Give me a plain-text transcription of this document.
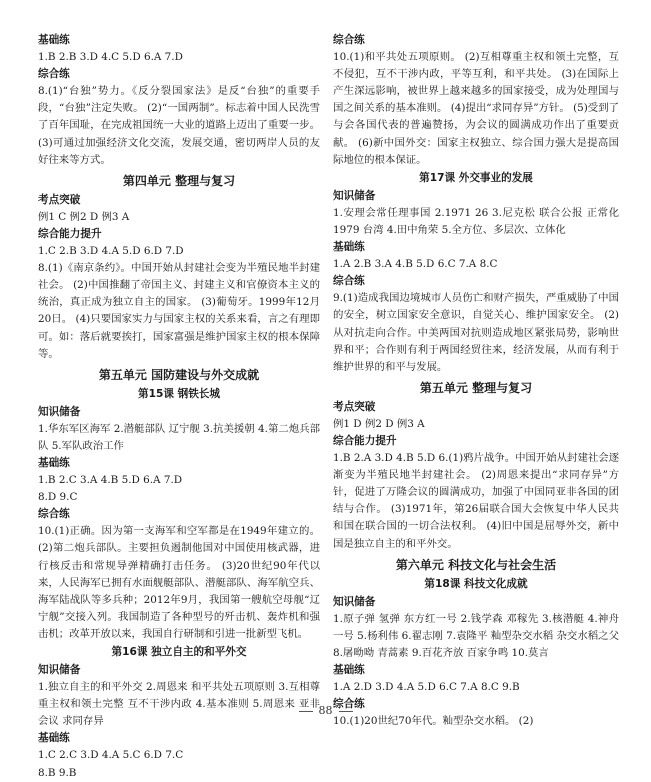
基础练

1.B 2.B 3.D 4.C 5.D 6.A 7.D

综合练

8.(1)“台独”势力。《反分裂国家法》是反“台独”的重要手段，“台独”注定失败。 (2)“一国两制”。标志着中国人民洗雪了百年国耻，在完成祖国统一大业的道路上迈出了重要一步。 (3)可通过加强经济文化交流，发展交通，密切两岸人员的友好往来等方式。

第四单元 整理与复习

考点突破

例1 C 例2 D 例3 A

综合能力提升

1.C 2.B 3.D 4.A 5.D 6.D 7.D

8.(1)《南京条约》。中国开始从封建社会变为半殖民地半封建社会。 (2)中国推翻了帝国主义、封建主义和官僚资本主义的统治，真正成为独立自主的国家。 (3)葡萄牙。1999年12月20日。 (4)只要国家实力与国家主权的关系来看，言之有理即可。如：落后就要挨打，国家富强是维护国家主权的根本保障等。

第五单元 国防建设与外交成就
第15课 钢铁长城

知识储备

1.华东军区海军 2.潜艇部队 辽宁舰 3.抗美援朝 4.第二炮兵部队 5.军队政治工作

基础练

1.B 2.C 3.A 4.B 5.D 6.A 7.D

8.D 9.C

综合练

10.(1)正确。因为第一支海军和空军都是在1949年建立的。 (2)第二炮兵部队。主要担负遏制他国对中国使用核武器，进行核反击和常规导弹精确打击任务。 (3)20世纪90年代以来，人民海军已拥有水面舰艇部队、潜艇部队、海军航空兵、海军陆战队等多兵种；2012年9月，我国第一艘航空母舰“辽宁舰”交接入列。我国制造了各种型号的歼击机、轰炸机和强击机；改革开放以来，我国自行研制和引进一批新型飞机。

第16课 独立自主的和平外交

知识储备

1.独立自主的和平外交 2.周恩来 和平共处五项原则 3.互相尊重主权和领土完整 互不干涉内政 4.基本准则 5.周恩来 亚非会议 求同存异

基础练

1.C 2.C 3.D 4.A 5.C 6.D 7.C

8.B 9.B

综合练

10.(1)和平共处五项原则。 (2)互相尊重主权和领土完整，互不侵犯，互不干涉内政，平等互利，和平共处。 (3)在国际上产生深远影响，被世界上越来越多的国家接受，成为处理国与国之间关系的基本准则。 (4)提出“求同存异”方针。 (5)受到了与会各国代表的普遍赞扬，为会议的圆满成功作出了重要贡献。 (6)新中国外交：国家主权独立、综合国力强大是提高国际地位的根本保证。

第17课 外交事业的发展

知识储备

1.安理会常任理事国 2.1971 26 3.尼克松 联合公报 正常化 1979 台湾 4.田中角荣 5.全方位、多层次、立体化

基础练

1.A 2.B 3.A 4.B 5.D 6.C 7.A 8.C

综合练

9.(1)造成我国边境城市人员伤亡和财产损失，严重威胁了中国的安全，树立国家安全意识，自觉关心、维护国家安全。 (2)从对抗走向合作。中美两国对抗则造成地区紧张局势，影响世界和平；合作则有利于两国经贸往来，经济发展，从而有利于维护世界的和平与发展。

第五单元 整理与复习

考点突破

例1 D 例2 D 例3 A

综合能力提升

1.B 2.A 3.D 4.B 5.D 6.(1)鸦片战争。中国开始从封建社会逐渐变为半殖民地半封建社会。 (2)周恩来提出“求同存异”方针，促进了万隆会议的圆满成功，加强了中国同亚非各国的团结与合作。 (3)1971年，第26届联合国大会恢复中华人民共和国在联合国的一切合法权利。 (4)旧中国是屈辱外交，新中国是独立自主的和平外交。

第六单元 科技文化与社会生活
第18课 科技文化成就

知识储备

1.原子弹 氢弹 东方红一号 2.钱学森 邓稼先 3.核潜艇 4.神舟一号 5.杨利伟 6.翟志刚 7.袁隆平 籼型杂交水稻 杂交水稻之父 8.屠呦呦 青蒿素 9.百花齐放 百家争鸣 10.莫言

基础练

1.A 2.D 3.D 4.A 5.D 6.C 7.A 8.C 9.B

综合练

10.(1)20世纪70年代。籼型杂交水稻。 (2)

88
